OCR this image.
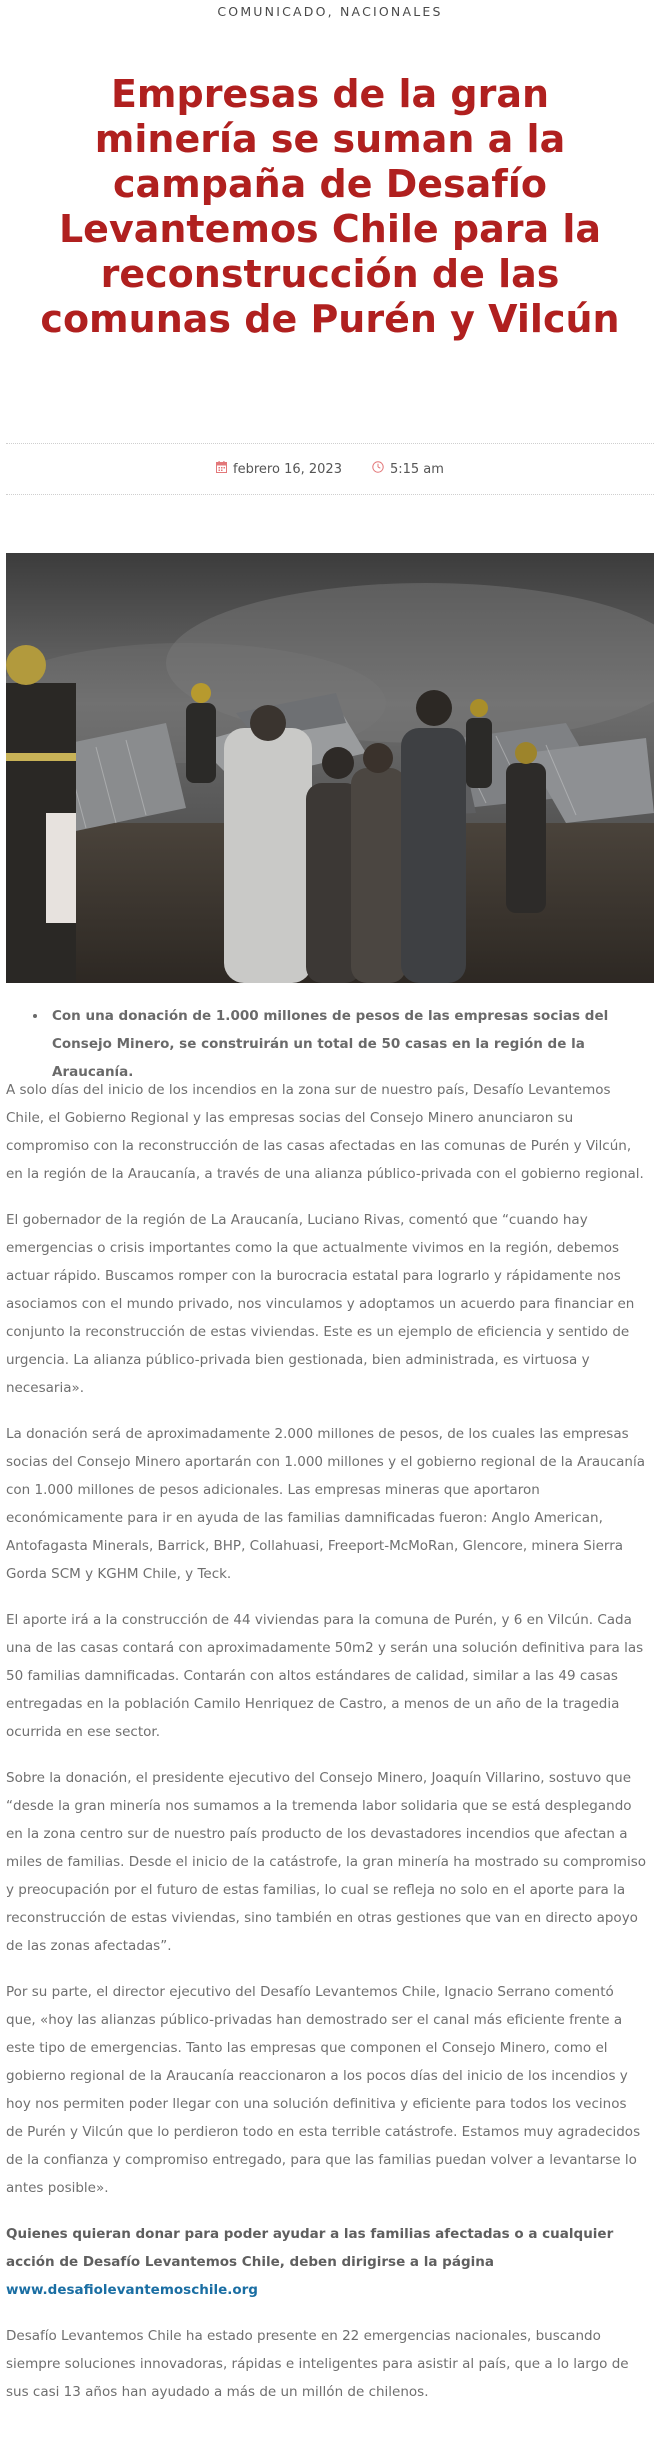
COMUNICADO, NACIONALES
Empresas de la gran minería se suman a la campaña de Desafío Levantemos Chile para la reconstrucción de las comunas de Purén y Vilcún
febrero 16, 2023	5:15 am
• Con una donación de 1.000 millones de pesos de las empresas socias del Consejo Minero, se construirán un total de 50 casas en la región de la Araucanía.

A solo días del inicio de los incendios en la zona sur de nuestro país, Desafío Levantemos Chile, el Gobierno Regional y las empresas socias del Consejo Minero anunciaron su compromiso con la reconstrucción de las casas afectadas en las comunas de Purén y Vilcún, en la región de la Araucanía, a través de una alianza público-privada con el gobierno regional.

El gobernador de la región de La Araucanía, Luciano Rivas, comentó que “cuando hay emergencias o crisis importantes como la que actualmente vivimos en la región, debemos actuar rápido. Buscamos romper con la burocracia estatal para lograrlo y rápidamente nos asociamos con el mundo privado, nos vinculamos y adoptamos un acuerdo para financiar en conjunto la reconstrucción de estas viviendas. Este es un ejemplo de eficiencia y sentido de urgencia. La alianza público-privada bien gestionada, bien administrada, es virtuosa y necesaria».

La donación será de aproximadamente 2.000 millones de pesos, de los cuales las empresas socias del Consejo Minero aportarán con 1.000 millones y el gobierno regional de la Araucanía con 1.000 millones de pesos adicionales. Las empresas mineras que aportaron económicamente para ir en ayuda de las familias damnificadas fueron: Anglo American, Antofagasta Minerals, Barrick, BHP, Collahuasi, Freeport-McMoRan, Glencore, minera Sierra Gorda SCM y KGHM Chile, y Teck.

El aporte irá a la construcción de 44 viviendas para la comuna de Purén, y 6 en Vilcún. Cada una de las casas contará con aproximadamente 50m2 y serán una solución definitiva para las 50 familias damnificadas. Contarán con altos estándares de calidad, similar a las 49 casas entregadas en la población Camilo Henriquez de Castro, a menos de un año de la tragedia ocurrida en ese sector.

Sobre la donación, el presidente ejecutivo del Consejo Minero, Joaquín Villarino, sostuvo que “desde la gran minería nos sumamos a la tremenda labor solidaria que se está desplegando en la zona centro sur de nuestro país producto de los devastadores incendios que afectan a miles de familias. Desde el inicio de la catástrofe, la gran minería ha mostrado su compromiso y preocupación por el futuro de estas familias, lo cual se refleja no solo en el aporte para la reconstrucción de estas viviendas, sino también en otras gestiones que van en directo apoyo de las zonas afectadas”.

Por su parte, el director ejecutivo del Desafío Levantemos Chile, Ignacio Serrano comentó que, «hoy las alianzas público-privadas han demostrado ser el canal más eficiente frente a este tipo de emergencias. Tanto las empresas que componen el Consejo Minero, como el gobierno regional de la Araucanía reaccionaron a los pocos días del inicio de los incendios y hoy nos permiten poder llegar con una solución definitiva y eficiente para todos los vecinos de Purén y Vilcún que lo perdieron todo en esta terrible catástrofe. Estamos muy agradecidos de la confianza y compromiso entregado, para que las familias puedan volver a levantarse lo antes posible».

Quienes quieran donar para poder ayudar a las familias afectadas o a cualquier acción de Desafío Levantemos Chile, deben dirigirse a la página www.desafiolevantemoschile.org

Desafío Levantemos Chile ha estado presente en 22 emergencias nacionales, buscando siempre soluciones innovadoras, rápidas e inteligentes para asistir al país, que a lo largo de sus casi 13 años han ayudado a más de un millón de chilenos.
